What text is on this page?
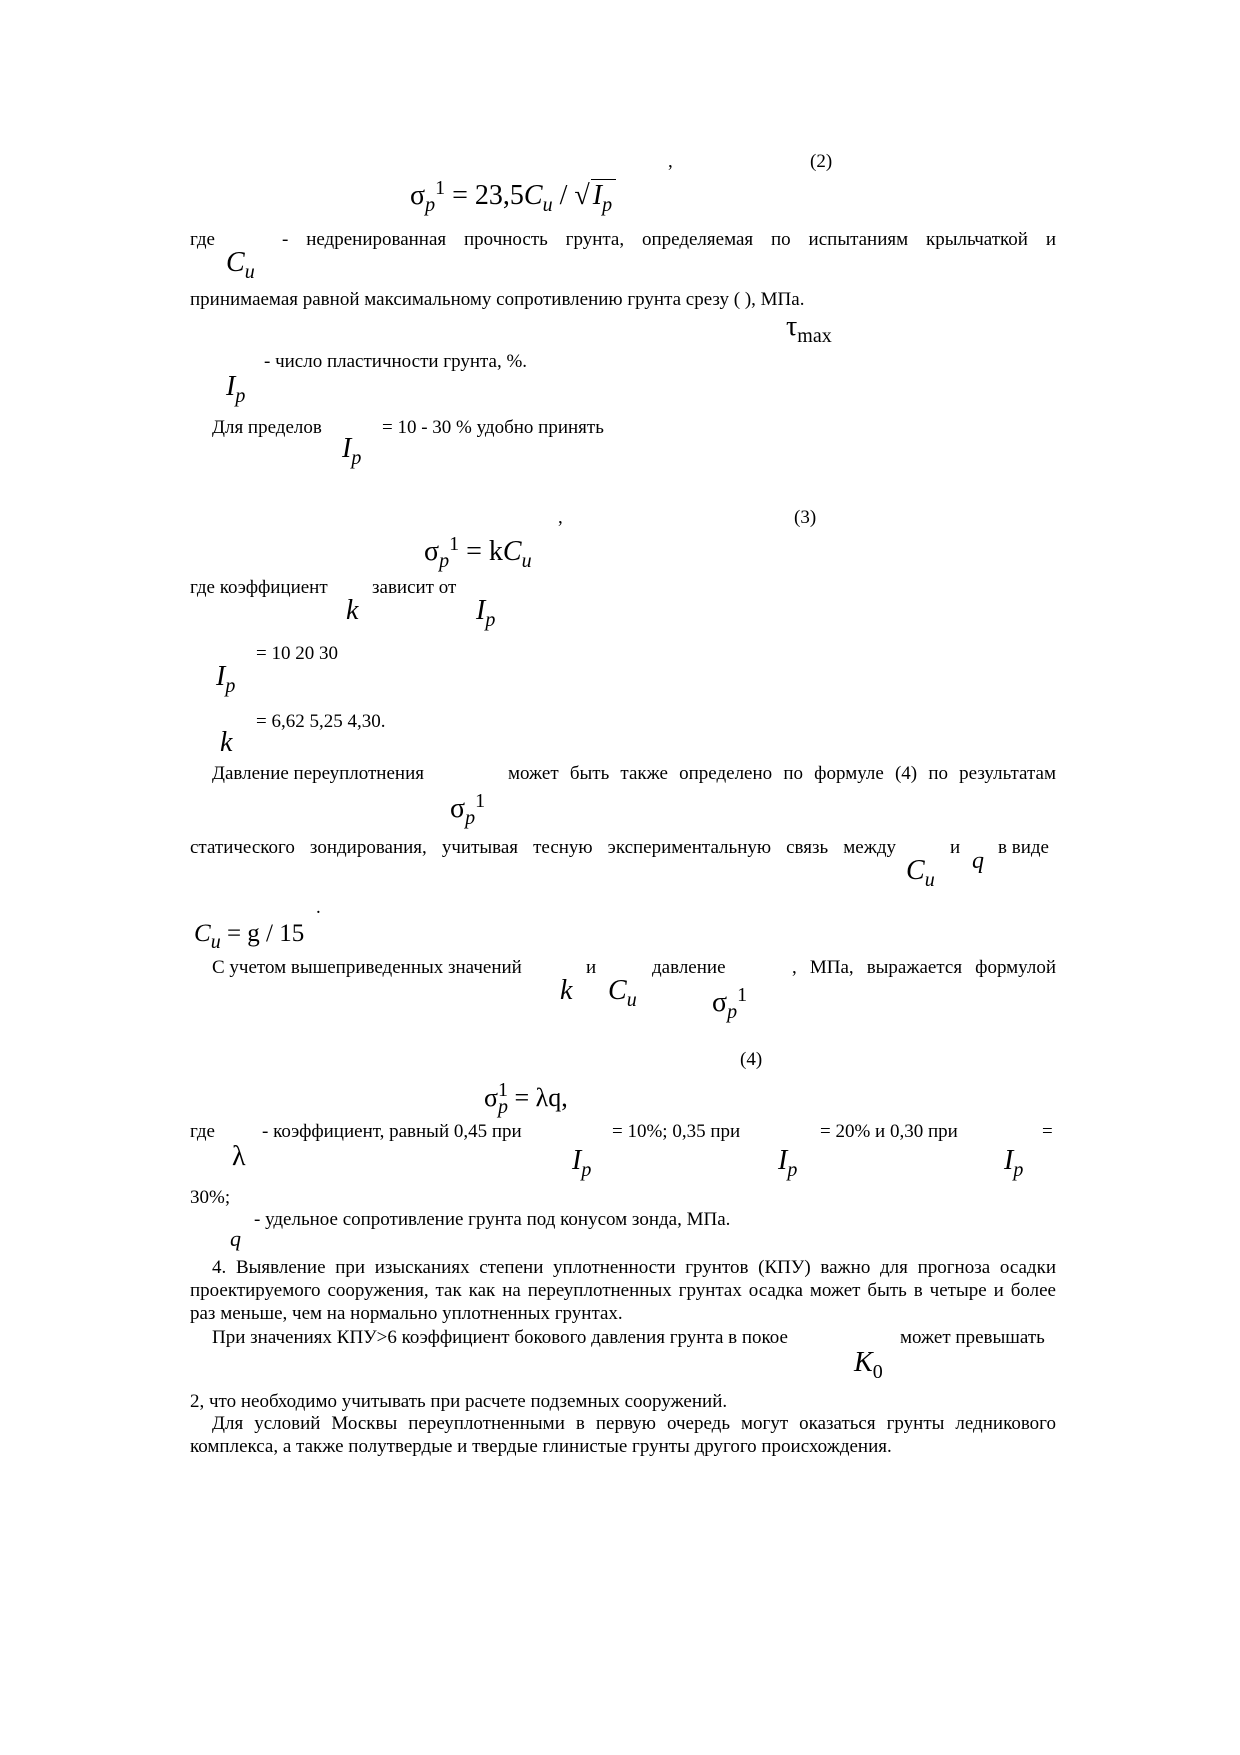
$\sigma_p^1 = 23,5C_u$ / √ $I_p$
,	(2)
где	- недренированная прочность грунта, определяемая по испытаниям крыльчаткой и
$C_u$
принимаемая равной максимальному сопротивлению грунта срезу ( ), МПа.
$\tau_{max}$
- число пластичности грунта, %.
$I_p$
Для пределов	= 10 - 30 % удобно принять
$I_p$
,	(3)
$\sigma_p^1 = kC_u$
где коэффициент зависит от
k	$I_p$
= 10 20 30
$I_p$
= 6,62 5,25 4,30.
k
Давление переуплотнения	может быть также определено по формуле (4) по результатам
$\sigma_p^1$
статического зондирования, учитывая тесную экспериментальную связь между	и в виде
$C_u$
q
.
$C_u = g / 15$
С учетом вышеприведенных значений	и	давление	, МПа, выражается формулой
k $C_u$	$\sigma_p^1$
(4)
$\sigma^1_p = \lambda q$,
где - коэффициент, равный 0,45 при	= 10%; 0,35 при	= 20% и 0,30 при	=
λ	$I_p$	$I_p$	$I_p$
30%;
- удельное сопротивление грунта под конусом зонда, МПа.
q
4. Выявление при изысканиях степени уплотненности грунтов (КПУ) важно для прогноза осадки проектируемого сооружения, так как на переуплотненных грунтах осадка может быть в четыре и более раз меньше, чем на нормально уплотненных грунтах.
При значениях КПУ>6 коэффициент бокового давления грунта в покое	может превышать
$K_0$
2, что необходимо учитывать при расчете подземных сооружений.
Для условий Москвы переуплотненными в первую очередь могут оказаться грунты ледникового комплекса, а также полутвердые и твердые глинистые грунты другого происхождения.
